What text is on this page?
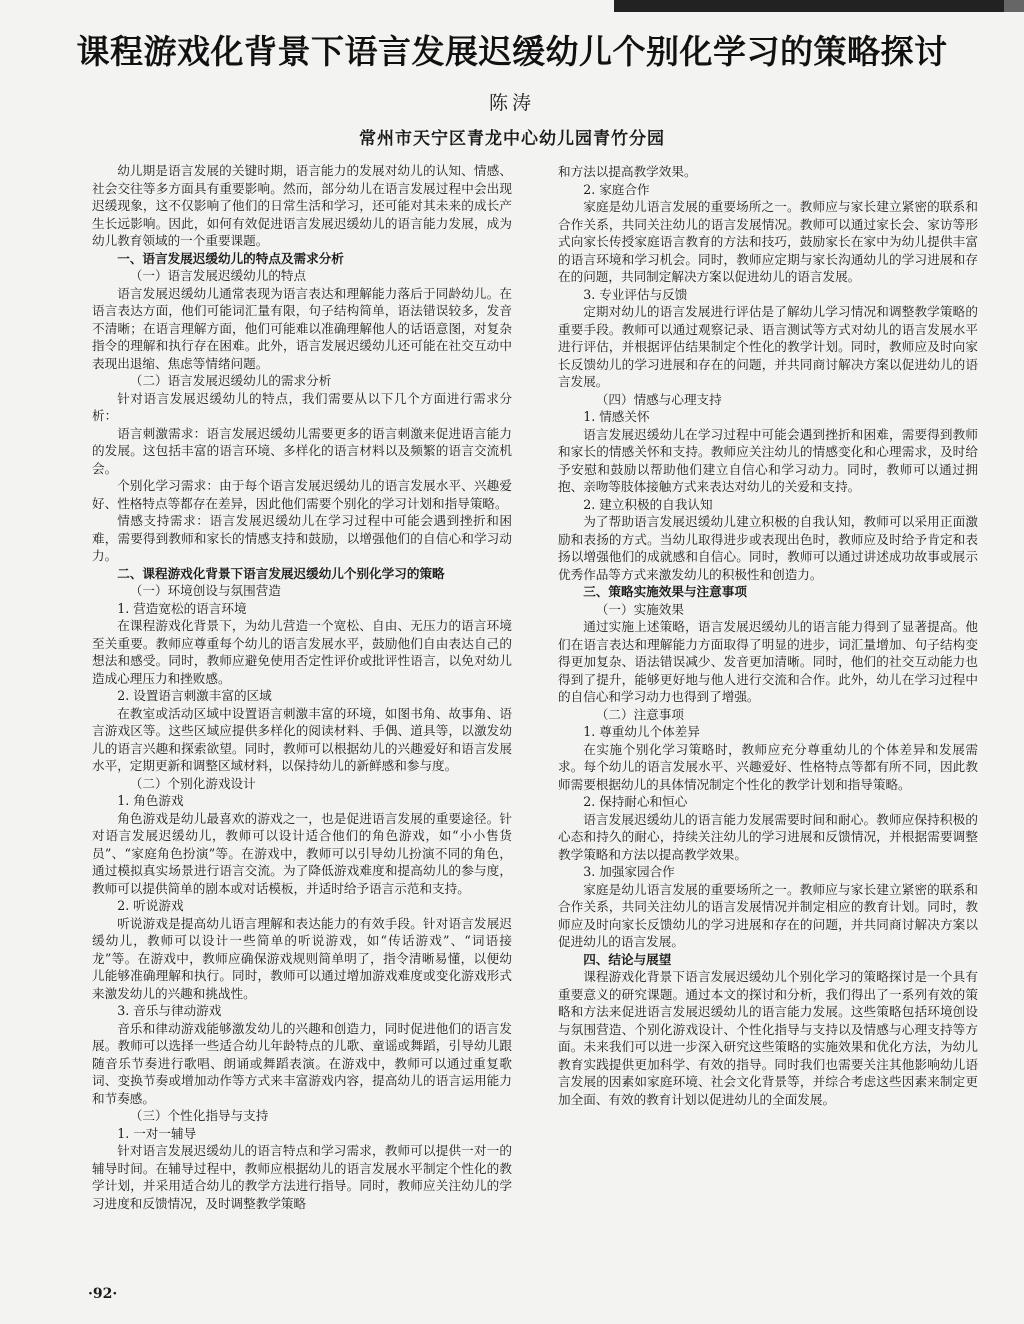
课程游戏化背景下语言发展迟缓幼儿个别化学习的策略探讨
陈涛
常州市天宁区青龙中心幼儿园青竹分园

幼儿期是语言发展的关键时期，语言能力的发展对幼儿的认知、情感、社会交往等多方面具有重要影响。然而，部分幼儿在语言发展过程中会出现迟缓现象，这不仅影响了他们的日常生活和学习，还可能对其未来的成长产生长远影响。因此，如何有效促进语言发展迟缓幼儿的语言能力发展，成为幼儿教育领域的一个重要课题。

一、语言发展迟缓幼儿的特点及需求分析

（一）语言发展迟缓幼儿的特点

语言发展迟缓幼儿通常表现为语言表达和理解能力落后于同龄幼儿。在语言表达方面，他们可能词汇量有限，句子结构简单，语法错误较多，发音不清晰；在语言理解方面，他们可能难以准确理解他人的话语意图，对复杂指令的理解和执行存在困难。此外，语言发展迟缓幼儿还可能在社交互动中表现出退缩、焦虑等情绪问题。

（二）语言发展迟缓幼儿的需求分析

针对语言发展迟缓幼儿的特点，我们需要从以下几个方面进行需求分析：

语言刺激需求：语言发展迟缓幼儿需要更多的语言刺激来促进语言能力的发展。这包括丰富的语言环境、多样化的语言材料以及频繁的语言交流机会。

个别化学习需求：由于每个语言发展迟缓幼儿的语言发展水平、兴趣爱好、性格特点等都存在差异，因此他们需要个别化的学习计划和指导策略。

情感支持需求：语言发展迟缓幼儿在学习过程中可能会遇到挫折和困难，需要得到教师和家长的情感支持和鼓励，以增强他们的自信心和学习动力。

二、课程游戏化背景下语言发展迟缓幼儿个别化学习的策略

（一）环境创设与氛围营造

1. 营造宽松的语言环境

在课程游戏化背景下，为幼儿营造一个宽松、自由、无压力的语言环境至关重要。教师应尊重每个幼儿的语言发展水平，鼓励他们自由表达自己的想法和感受。同时，教师应避免使用否定性评价或批评性语言，以免对幼儿造成心理压力和挫败感。

2. 设置语言刺激丰富的区域

在教室或活动区域中设置语言刺激丰富的环境，如图书角、故事角、语言游戏区等。这些区域应提供多样化的阅读材料、手偶、道具等，以激发幼儿的语言兴趣和探索欲望。同时，教师可以根据幼儿的兴趣爱好和语言发展水平，定期更新和调整区域材料，以保持幼儿的新鲜感和参与度。

（二）个别化游戏设计

1. 角色游戏

角色游戏是幼儿最喜欢的游戏之一，也是促进语言发展的重要途径。针对语言发展迟缓幼儿，教师可以设计适合他们的角色游戏，如“小小售货员”、“家庭角色扮演”等。在游戏中，教师可以引导幼儿扮演不同的角色，通过模拟真实场景进行语言交流。为了降低游戏难度和提高幼儿的参与度，教师可以提供简单的剧本或对话模板，并适时给予语言示范和支持。

2. 听说游戏

听说游戏是提高幼儿语言理解和表达能力的有效手段。针对语言发展迟缓幼儿，教师可以设计一些简单的听说游戏，如“传话游戏”、“词语接龙”等。在游戏中，教师应确保游戏规则简单明了，指令清晰易懂，以便幼儿能够准确理解和执行。同时，教师可以通过增加游戏难度或变化游戏形式来激发幼儿的兴趣和挑战性。

3. 音乐与律动游戏

音乐和律动游戏能够激发幼儿的兴趣和创造力，同时促进他们的语言发展。教师可以选择一些适合幼儿年龄特点的儿歌、童谣或舞蹈，引导幼儿跟随音乐节奏进行歌唱、朗诵或舞蹈表演。在游戏中，教师可以通过重复歌词、变换节奏或增加动作等方式来丰富游戏内容，提高幼儿的语言运用能力和节奏感。

（三）个性化指导与支持

1. 一对一辅导

针对语言发展迟缓幼儿的语言特点和学习需求，教师可以提供一对一的辅导时间。在辅导过程中，教师应根据幼儿的语言发展水平制定个性化的教学计划，并采用适合幼儿的教学方法进行指导。同时，教师应关注幼儿的学习进度和反馈情况，及时调整教学策略

和方法以提高教学效果。

2. 家庭合作

家庭是幼儿语言发展的重要场所之一。教师应与家长建立紧密的联系和合作关系，共同关注幼儿的语言发展情况。教师可以通过家长会、家访等形式向家长传授家庭语言教育的方法和技巧，鼓励家长在家中为幼儿提供丰富的语言环境和学习机会。同时，教师应定期与家长沟通幼儿的学习进展和存在的问题，共同制定解决方案以促进幼儿的语言发展。

3. 专业评估与反馈

定期对幼儿的语言发展进行评估是了解幼儿学习情况和调整教学策略的重要手段。教师可以通过观察记录、语言测试等方式对幼儿的语言发展水平进行评估，并根据评估结果制定个性化的教学计划。同时，教师应及时向家长反馈幼儿的学习进展和存在的问题，并共同商讨解决方案以促进幼儿的语言发展。

（四）情感与心理支持

1. 情感关怀

语言发展迟缓幼儿在学习过程中可能会遇到挫折和困难，需要得到教师和家长的情感关怀和支持。教师应关注幼儿的情感变化和心理需求，及时给予安慰和鼓励以帮助他们建立自信心和学习动力。同时，教师可以通过拥抱、亲吻等肢体接触方式来表达对幼儿的关爱和支持。

2. 建立积极的自我认知

为了帮助语言发展迟缓幼儿建立积极的自我认知，教师可以采用正面激励和表扬的方式。当幼儿取得进步或表现出色时，教师应及时给予肯定和表扬以增强他们的成就感和自信心。同时，教师可以通过讲述成功故事或展示优秀作品等方式来激发幼儿的积极性和创造力。

三、策略实施效果与注意事项

（一）实施效果

通过实施上述策略，语言发展迟缓幼儿的语言能力得到了显著提高。他们在语言表达和理解能力方面取得了明显的进步，词汇量增加、句子结构变得更加复杂、语法错误减少、发音更加清晰。同时，他们的社交互动能力也得到了提升，能够更好地与他人进行交流和合作。此外，幼儿在学习过程中的自信心和学习动力也得到了增强。

（二）注意事项

1. 尊重幼儿个体差异

在实施个别化学习策略时，教师应充分尊重幼儿的个体差异和发展需求。每个幼儿的语言发展水平、兴趣爱好、性格特点等都有所不同，因此教师需要根据幼儿的具体情况制定个性化的教学计划和指导策略。

2. 保持耐心和恒心

语言发展迟缓幼儿的语言能力发展需要时间和耐心。教师应保持积极的心态和持久的耐心，持续关注幼儿的学习进展和反馈情况，并根据需要调整教学策略和方法以提高教学效果。

3. 加强家园合作

家庭是幼儿语言发展的重要场所之一。教师应与家长建立紧密的联系和合作关系，共同关注幼儿的语言发展情况并制定相应的教育计划。同时，教师应及时向家长反馈幼儿的学习进展和存在的问题，并共同商讨解决方案以促进幼儿的语言发展。

四、结论与展望

课程游戏化背景下语言发展迟缓幼儿个别化学习的策略探讨是一个具有重要意义的研究课题。通过本文的探讨和分析，我们得出了一系列有效的策略和方法来促进语言发展迟缓幼儿的语言能力发展。这些策略包括环境创设与氛围营造、个别化游戏设计、个性化指导与支持以及情感与心理支持等方面。未来我们可以进一步深入研究这些策略的实施效果和优化方法，为幼儿教育实践提供更加科学、有效的指导。同时我们也需要关注其他影响幼儿语言发展的因素如家庭环境、社会文化背景等，并综合考虑这些因素来制定更加全面、有效的教育计划以促进幼儿的全面发展。

·92·
